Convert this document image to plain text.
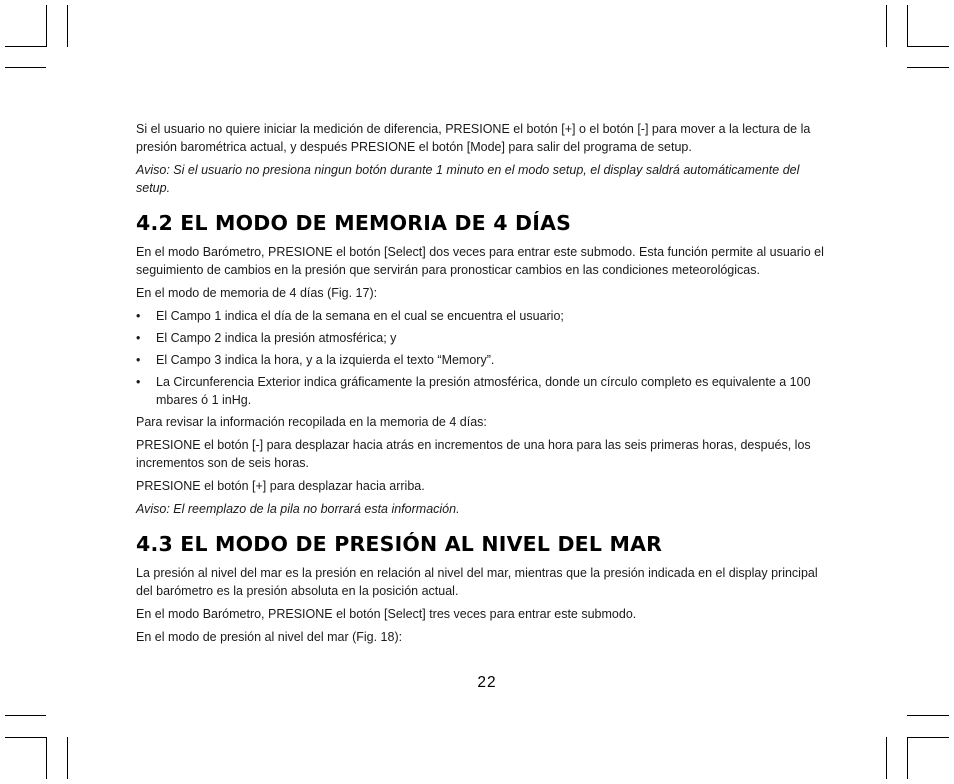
Si el usuario no quiere iniciar la medición de diferencia, PRESIONE el botón [+] o el botón [-] para mover a la lectura de la presión barométrica actual, y después PRESIONE el botón [Mode] para salir del programa de setup.

Aviso: Si el usuario no presiona ningun botón durante 1 minuto en el modo setup, el display saldrá automáticamente del setup.

4.2 EL MODO DE MEMORIA DE 4 DÍAS

En el modo Barómetro, PRESIONE el botón [Select] dos veces para entrar este submodo. Esta función permite al usuario el seguimiento de cambios en la presión que servirán para pronosticar cambios en las condiciones meteorológicas.

En el modo de memoria de 4 días (Fig. 17):

• El Campo 1 indica el día de la semana en el cual se encuentra el usuario;
• El Campo 2 indica la presión atmosférica; y
• El Campo 3 indica la hora, y a la izquierda el texto “Memory”.
• La Circunferencia Exterior indica gráficamente la presión atmosférica, donde un círculo completo es equivalente a 100 mbares ó 1 inHg.

Para revisar la información recopilada en la memoria de 4 días:

PRESIONE el botón [-] para desplazar hacia atrás en incrementos de una hora para las seis primeras horas, después, los incrementos son de seis horas.

PRESIONE el botón [+] para desplazar hacia arriba.

Aviso: El reemplazo de la pila no borrará esta información.

4.3 EL MODO DE PRESIÓN AL NIVEL DEL MAR

La presión al nivel del mar es la presión en relación al nivel del mar, mientras que la presión indicada en el display principal del barómetro es la presión absoluta en la posición actual.

En el modo Barómetro, PRESIONE el botón [Select] tres veces para entrar este submodo.

En el modo de presión al nivel del mar (Fig. 18):

22
